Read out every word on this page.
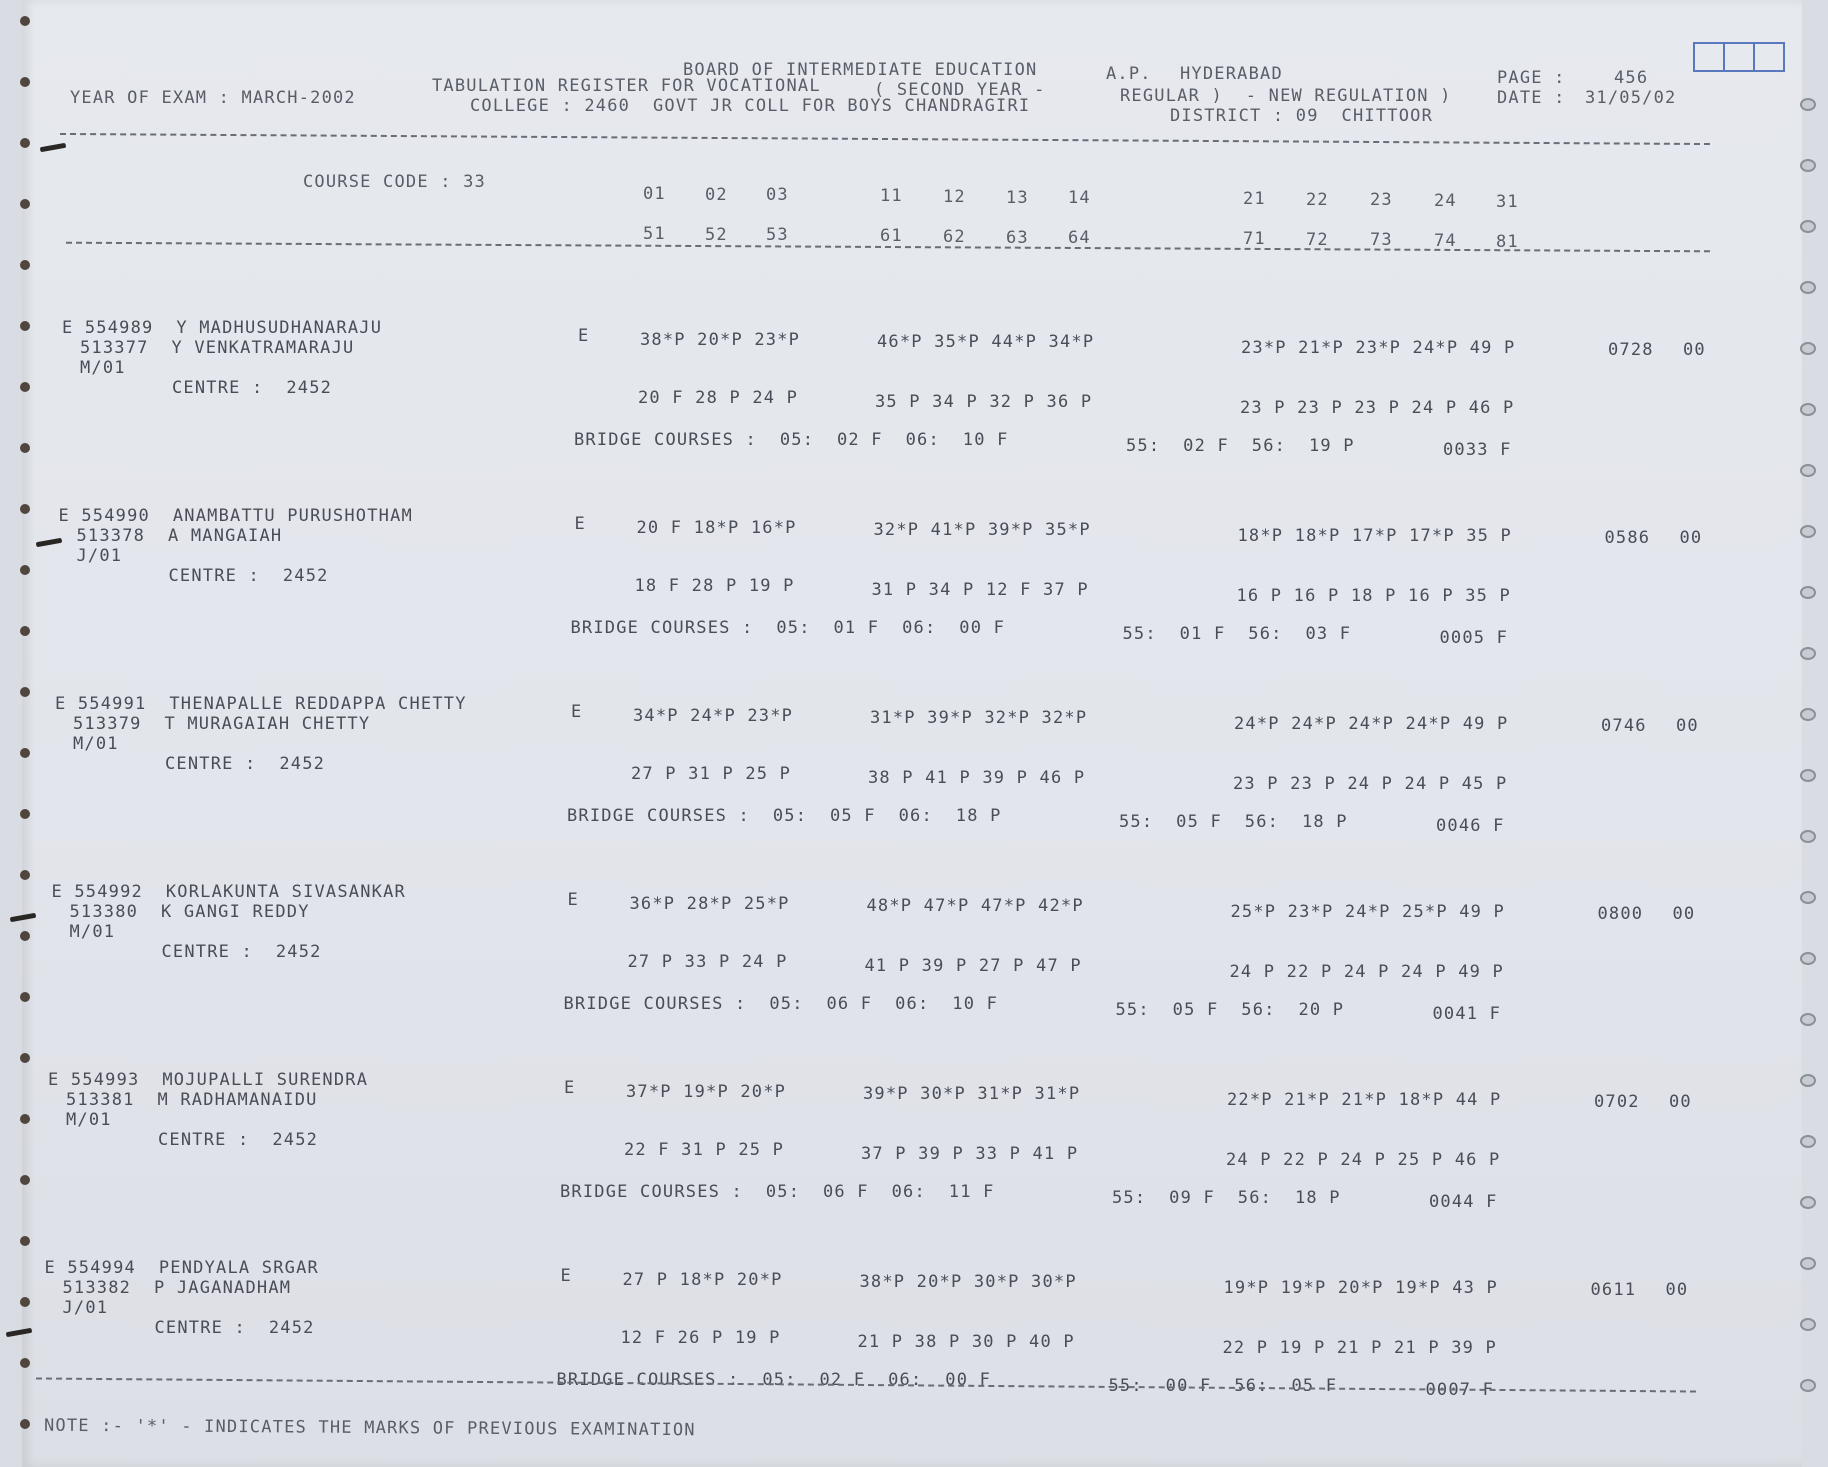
BOARD OF INTERMEDIATE EDUCATION	A.P. HYDERABAD	PAGE :	456
YEAR OF EXAM : MARCH-2002
TABULATION REGISTER FOR VOCATIONAL	( SECOND YEAR -	REGULAR )  - NEW REGULATION )	DATE : 31/05/02
COLLEGE : 2460  GOVT JR COLL FOR BOYS CHANDRAGIRI	DISTRICT : 09  CHITTOOR
COURSE CODE : 33
01 02 03	11 12 13 14	21 22 23 24 31
51 52 53	61 62 63 64	71 72 73 74 81
E 554989  Y MADHUSUDHANARAJU
513377  Y VENKATRAMARAJU
M/01
CENTRE :  2452
E	38*P 20*P 23*P	46*P 35*P 44*P 34*P	23*P 21*P 23*P 24*P 49 P	0728 00
20 F 28 P 24 P	35 P 34 P 32 P 36 P	23 P 23 P 23 P 24 P 46 P
BRIDGE COURSES :  05:  02 F  06:  10 F	55:  02 F  56:  19 P	0033 F
E 554990  ANAMBATTU PURUSHOTHAM
513378  A MANGAIAH
J/01
CENTRE :  2452
E	20 F 18*P 16*P	32*P 41*P 39*P 35*P	18*P 18*P 17*P 17*P 35 P	0586 00
18 F 28 P 19 P	31 P 34 P 12 F 37 P	16 P 16 P 18 P 16 P 35 P
BRIDGE COURSES :  05:  01 F  06:  00 F	55:  01 F  56:  03 F	0005 F
E 554991  THENAPALLE REDDAPPA CHETTY
513379  T MURAGAIAH CHETTY
M/01
CENTRE :  2452
E	34*P 24*P 23*P	31*P 39*P 32*P 32*P	24*P 24*P 24*P 24*P 49 P	0746 00
27 P 31 P 25 P	38 P 41 P 39 P 46 P	23 P 23 P 24 P 24 P 45 P
BRIDGE COURSES :  05:  05 F  06:  18 P	55:  05 F  56:  18 P	0046 F
E 554992  KORLAKUNTA SIVASANKAR
513380  K GANGI REDDY
M/01
CENTRE :  2452
E	36*P 28*P 25*P	48*P 47*P 47*P 42*P	25*P 23*P 24*P 25*P 49 P	0800 00
27 P 33 P 24 P	41 P 39 P 27 P 47 P	24 P 22 P 24 P 24 P 49 P
BRIDGE COURSES :  05:  06 F  06:  10 F	55:  05 F  56:  20 P	0041 F
E 554993  MOJUPALLI SURENDRA
513381  M RADHAMANAIDU
M/01
CENTRE :  2452
E	37*P 19*P 20*P	39*P 30*P 31*P 31*P	22*P 21*P 21*P 18*P 44 P	0702 00
22 F 31 P 25 P	37 P 39 P 33 P 41 P	24 P 22 P 24 P 25 P 46 P
BRIDGE COURSES :  05:  06 F  06:  11 F	55:  09 F  56:  18 P	0044 F
E 554994  PENDYALA SRGAR
513382  P JAGANADHAM
J/01
CENTRE :  2452
E	27 P 18*P 20*P	38*P 20*P 30*P 30*P	19*P 19*P 20*P 19*P 43 P	0611 00
12 F 26 P 19 P	21 P 38 P 30 P 40 P	22 P 19 P 21 P 21 P 39 P
BRIDGE COURSES :  05:  02 F  06:  00 F	55:  00 F  56:  05 F	0007 F
NOTE :- '*' - INDICATES THE MARKS OF PREVIOUS EXAMINATION
